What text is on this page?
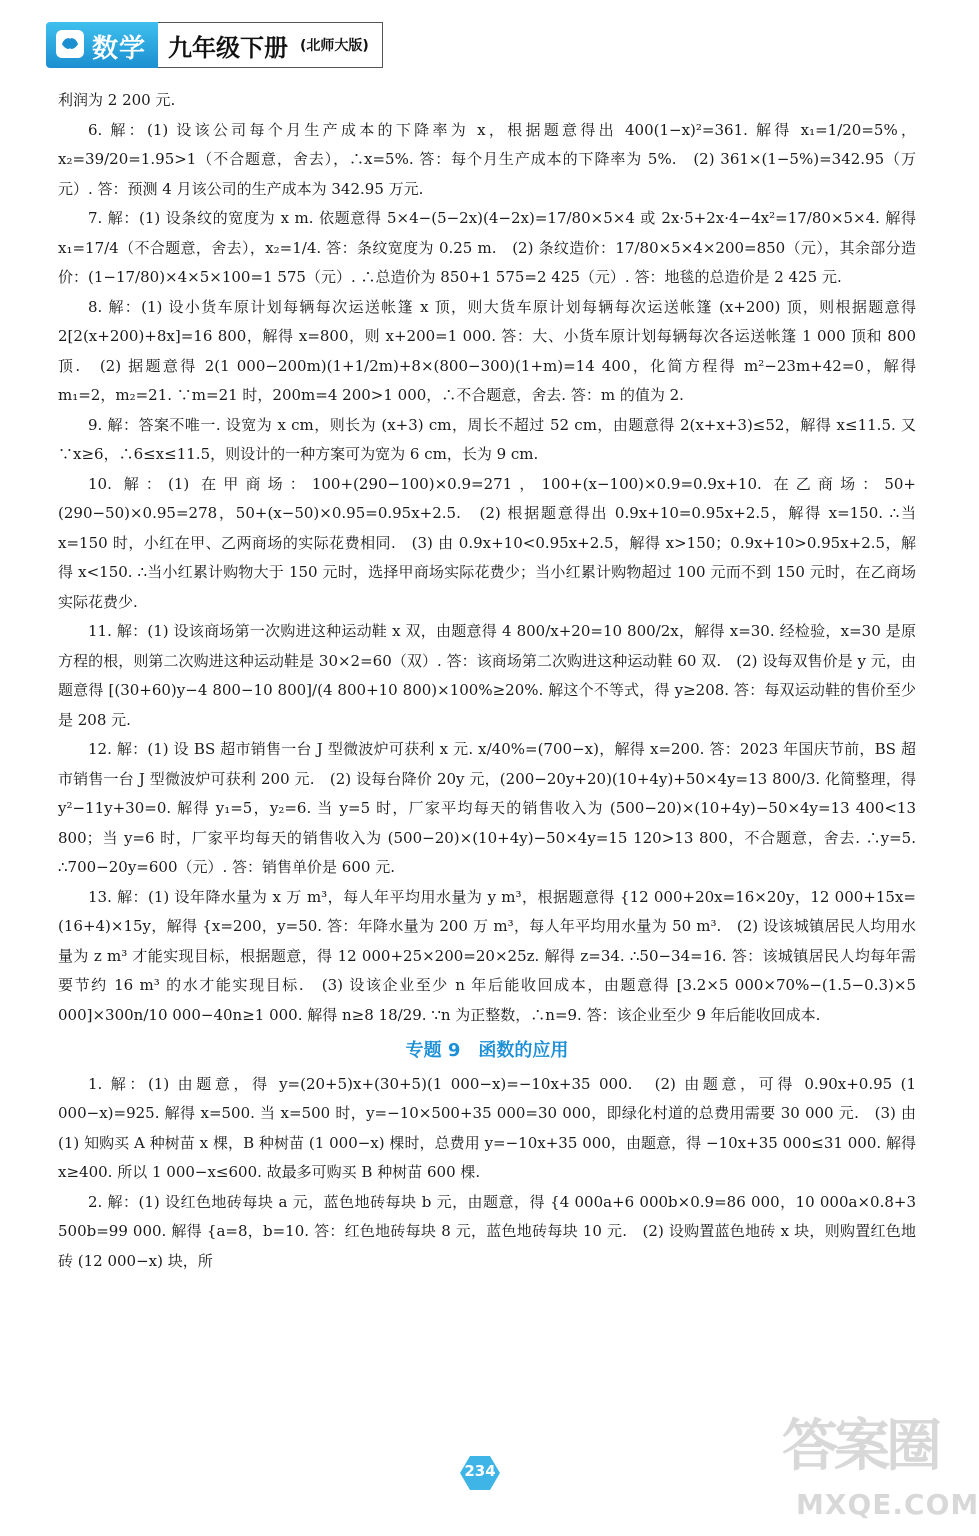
数学 九年级下册 (北师大版)

利润为 2 200 元.

6. 解：(1) 设该公司每个月生产成本的下降率为 x，根据题意得出 400(1−x)²=361. 解得 x₁=1/20=5%，x₂=39/20=1.95>1（不合题意，舍去），∴x=5%. 答：每个月生产成本的下降率为 5%.　(2) 361×(1−5%)=342.95（万元）. 答：预测 4 月该公司的生产成本为 342.95 万元.

7. 解：(1) 设条纹的宽度为 x m. 依题意得 5×4−(5−2x)(4−2x)=17/80×5×4 或 2x·5+2x·4−4x²=17/80×5×4. 解得 x₁=17/4（不合题意，舍去），x₂=1/4. 答：条纹宽度为 0.25 m.　(2) 条纹造价：17/80×5×4×200=850（元），其余部分造价：(1−17/80)×4×5×100=1 575（元）. ∴总造价为 850+1 575=2 425（元）. 答：地毯的总造价是 2 425 元.

8. 解：(1) 设小货车原计划每辆每次运送帐篷 x 顶，则大货车原计划每辆每次运送帐篷 (x+200) 顶，则根据题意得 2[2(x+200)+8x]=16 800，解得 x=800，则 x+200=1 000. 答：大、小货车原计划每辆每次各运送帐篷 1 000 顶和 800 顶.　(2) 据题意得 2(1 000−200m)(1+1/2m)+8×(800−300)(1+m)=14 400，化简方程得 m²−23m+42=0，解得 m₁=2，m₂=21. ∵m=21 时，200m=4 200>1 000，∴不合题意，舍去. 答：m 的值为 2.

9. 解：答案不唯一. 设宽为 x cm，则长为 (x+3) cm，周长不超过 52 cm，由题意得 2(x+x+3)≤52，解得 x≤11.5. 又∵x≥6，∴6≤x≤11.5，则设计的一种方案可为宽为 6 cm，长为 9 cm.

10. 解：(1) 在甲商场：100+(290−100)×0.9=271，100+(x−100)×0.9=0.9x+10. 在乙商场：50+(290−50)×0.95=278，50+(x−50)×0.95=0.95x+2.5.　(2) 根据题意得出 0.9x+10=0.95x+2.5，解得 x=150. ∴当 x=150 时，小红在甲、乙两商场的实际花费相同.　(3) 由 0.9x+10<0.95x+2.5，解得 x>150；0.9x+10>0.95x+2.5，解得 x<150. ∴当小红累计购物大于 150 元时，选择甲商场实际花费少；当小红累计购物超过 100 元而不到 150 元时，在乙商场实际花费少.

11. 解：(1) 设该商场第一次购进这种运动鞋 x 双，由题意得 4 800/x+20=10 800/2x，解得 x=30. 经检验，x=30 是原方程的根，则第二次购进这种运动鞋是 30×2=60（双）. 答：该商场第二次购进这种运动鞋 60 双.　(2) 设每双售价是 y 元，由题意得 [(30+60)y−4 800−10 800]/(4 800+10 800)×100%≥20%. 解这个不等式，得 y≥208. 答：每双运动鞋的售价至少是 208 元.

12. 解：(1) 设 BS 超市销售一台 J 型微波炉可获利 x 元. x/40%=(700−x)，解得 x=200. 答：2023 年国庆节前，BS 超市销售一台 J 型微波炉可获利 200 元.　(2) 设每台降价 20y 元，(200−20y+20)(10+4y)+50×4y=13 800/3. 化简整理，得 y²−11y+30=0. 解得 y₁=5，y₂=6. 当 y=5 时，厂家平均每天的销售收入为 (500−20)×(10+4y)−50×4y=13 400<13 800；当 y=6 时，厂家平均每天的销售收入为 (500−20)×(10+4y)−50×4y=15 120>13 800，不合题意，舍去. ∴y=5. ∴700−20y=600（元）. 答：销售单价是 600 元.

13. 解：(1) 设年降水量为 x 万 m³，每人年平均用水量为 y m³，根据题意得 {12 000+20x=16×20y，12 000+15x=(16+4)×15y，解得 {x=200，y=50. 答：年降水量为 200 万 m³，每人年平均用水量为 50 m³.　(2) 设该城镇居民人均用水量为 z m³ 才能实现目标，根据题意，得 12 000+25×200=20×25z. 解得 z=34. ∴50−34=16. 答：该城镇居民人均每年需要节约 16 m³ 的水才能实现目标.　(3) 设该企业至少 n 年后能收回成本，由题意得 [3.2×5 000×70%−(1.5−0.3)×5 000]×300n/10 000−40n≥1 000. 解得 n≥8 18/29. ∵n 为正整数，∴n=9. 答：该企业至少 9 年后能收回成本.

专题 9　函数的应用

1. 解：(1) 由题意，得 y=(20+5)x+(30+5)(1 000−x)=−10x+35 000.　(2) 由题意，可得 0.90x+0.95 (1 000−x)=925. 解得 x=500. 当 x=500 时，y=−10×500+35 000=30 000，即绿化村道的总费用需要 30 000 元.　(3) 由 (1) 知购买 A 种树苗 x 棵，B 种树苗 (1 000−x) 棵时，总费用 y=−10x+35 000，由题意，得 −10x+35 000≤31 000. 解得 x≥400. 所以 1 000−x≤600. 故最多可购买 B 种树苗 600 棵.

2. 解：(1) 设红色地砖每块 a 元，蓝色地砖每块 b 元，由题意，得 {4 000a+6 000b×0.9=86 000，10 000a×0.8+3 500b=99 000. 解得 {a=8，b=10. 答：红色地砖每块 8 元，蓝色地砖每块 10 元.　(2) 设购置蓝色地砖 x 块，则购置红色地砖 (12 000−x) 块，所

234	答案圈
MXQE.COM
